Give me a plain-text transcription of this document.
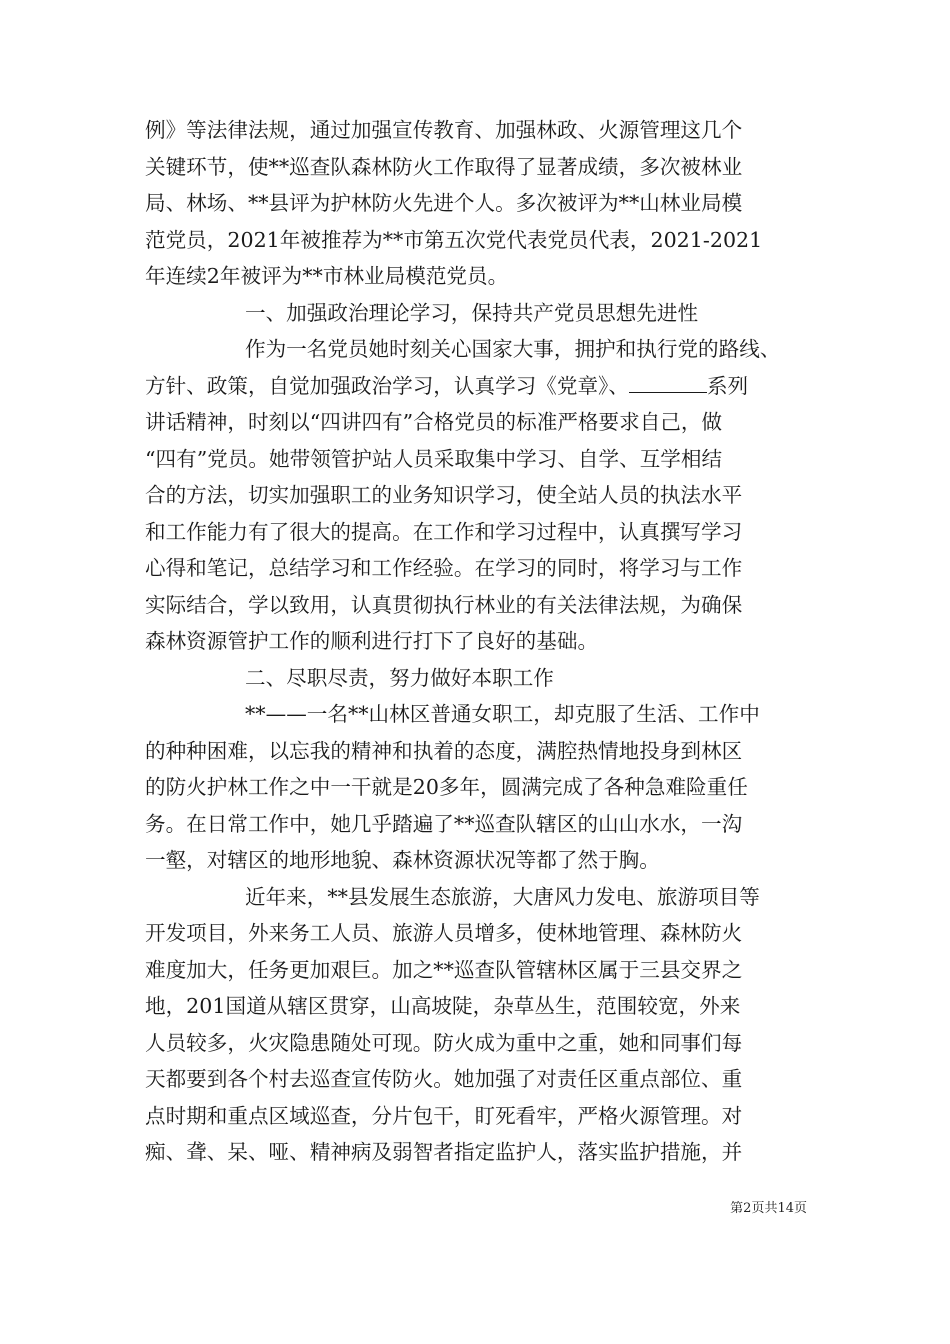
例》等法律法规，通过加强宣传教育、加强林政、火源管理这几个
关键环节，使**巡查队森林防火工作取得了显著成绩，多次被林业
局、林场、**县评为护林防火先进个人。多次被评为**山林业局模
范党员，2021年被推荐为**市第五次党代表党员代表，2021-2021
年连续2年被评为**市林业局模范党员。
一、加强政治理论学习，保持共产党员思想先进性
作为一名党员她时刻关心国家大事，拥护和执行党的路线、
方针、政策，自觉加强政治学习，认真学习《党章》、	系列
讲话精神，时刻以“四讲四有”合格党员的标准严格要求自己，做
“四有”党员。她带领管护站人员采取集中学习、自学、互学相结
合的方法，切实加强职工的业务知识学习，使全站人员的执法水平
和工作能力有了很大的提高。在工作和学习过程中，认真撰写学习
心得和笔记，总结学习和工作经验。在学习的同时，将学习与工作
实际结合，学以致用，认真贯彻执行林业的有关法律法规，为确保
森林资源管护工作的顺利进行打下了良好的基础。
二、尽职尽责，努力做好本职工作
**——一名**山林区普通女职工，却克服了生活、工作中
的种种困难，以忘我的精神和执着的态度，满腔热情地投身到林区
的防火护林工作之中一干就是20多年，圆满完成了各种急难险重任
务。在日常工作中，她几乎踏遍了**巡查队辖区的山山水水，一沟
一壑，对辖区的地形地貌、森林资源状况等都了然于胸。
近年来，**县发展生态旅游，大唐风力发电、旅游项目等
开发项目，外来务工人员、旅游人员增多，使林地管理、森林防火
难度加大，任务更加艰巨。加之**巡查队管辖林区属于三县交界之
地，201国道从辖区贯穿，山高坡陡，杂草丛生，范围较宽，外来
人员较多，火灾隐患随处可现。防火成为重中之重，她和同事们每
天都要到各个村去巡查宣传防火。她加强了对责任区重点部位、重
点时期和重点区域巡查，分片包干，盯死看牢，严格火源管理。对
痴、聋、呆、哑、精神病及弱智者指定监护人，落实监护措施，并
第2页共14页
